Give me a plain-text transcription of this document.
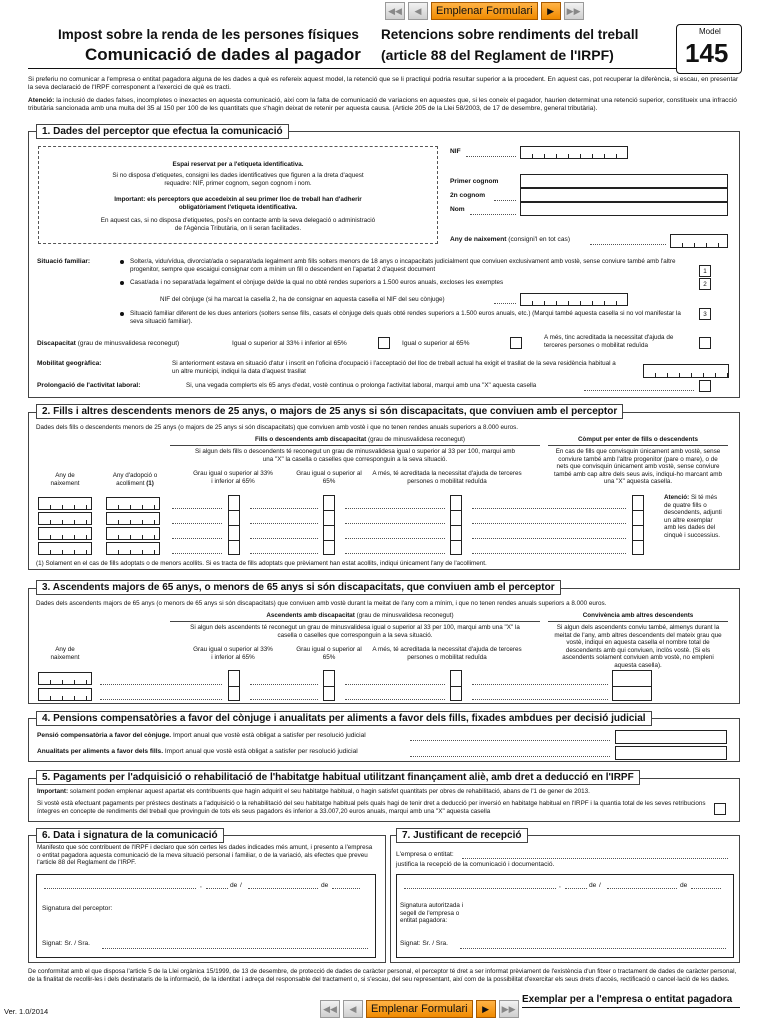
◀◀	◀	Emplenar Formulari	▶	▶▶
Impost sobre la renda de les persones físiques
Comunicació de dades al pagador
Retencions sobre rendiments del treball
(article 88 del Reglament de l'IRPF)
Model
145
Si preferiu no comunicar a l'empresa o entitat pagadora alguna de les dades a què es refereix aquest model, la retenció que se li practiqui podria resultar superior a la procedent. En aquest cas, pot recuperar la diferència, si escau, en presentar la seva declaració de l'IRPF corresponent a l'exercici de què es tracti.
Atenció: la inclusió de dades falses, incompletes o inexactes en aquesta comunicació, així com la falta de comunicació de variacions en aquestes que, si les coneix el pagador, haurien determinat una retenció superior, constitueix una infracció tributària sancionada amb una multa del 35 al 150 per 100 de les quantitats que s'hagin deixat de retenir per aquesta causa. (Article 205 de la Llei 58/2003, de 17 de desembre, general tributària).
1. Dades del perceptor que efectua la comunicació
Espai reservat per a l'etiqueta identificativa.
Si no disposa d'etiquetes, consigni les dades identificatives que figuren a la dreta d'aquest requadre: NIF, primer cognom, segon cognom i nom.
Important: els perceptors que accedeixin al seu primer lloc de treball han d'adherir obligatòriament l'etiqueta identificativa.
En aquest cas, si no disposa d'etiquetes, posi's en contacte amb la seva delegació o administració de l'Agència Tributària, on li seran facilitades.
NIF
Primer cognom
2n cognom
Nom
Any de naixement (consigni'l en tot cas)
Situació familiar:	Solter/a, vidu/vídua, divorciat/ada o separat/ada legalment amb fills solters menors de 18 anys o incapacitats judicialment que conviuen exclusivament amb vostè, sense conviure també amb l'altre progenitor, sempre que escaigui consignar com a mínim un fill o descendent en l'apartat 2 d'aquest document	1
Casat/ada i no separat/ada legalment el cònjuge del/de la qual no obté rendes superiors a 1.500 euros anuals, excloses les exemptes	2
NIF del cònjuge (si ha marcat la casella 2, ha de consignar en aquesta casella el NIF del seu cònjuge)
Situació familiar diferent de les dues anteriors (solters sense fills, casats el cònjuge dels quals obté rendes superiors a 1.500 euros anuals, etc.) (Marqui també aquesta casella si no vol manifestar la seva situació familiar).
3
Discapacitat (grau de minusvalidesa reconegut)	Igual o superior al 33% i inferior al 65%	Igual o superior al 65%
A més, tinc acreditada la necessitat d'ajuda de terceres persones o mobilitat reduïda
Mobilitat geogràfica:	Si anteriorment estava en situació d'atur i inscrit en l'oficina d'ocupació i l'acceptació del lloc de treball actual ha exigit el trasllat de la seva residència habitual a un altre municipi, indiqui la data d'aquest trasllat
Prolongació de l'activitat laboral:	Si, una vegada complerts els 65 anys d'edat, vostè continua o prolonga l'activitat laboral, marqui amb una "X" aquesta casella
2. Fills i altres descendents menors de 25 anys, o majors de 25 anys si són discapacitats, que conviuen amb el perceptor
Dades dels fills o descendents menors de 25 anys (o majors de 25 anys si són discapacitats) que conviuen amb vostè i que no tenen rendes anuals superiors a 8.000 euros.
Fills o descendents amb discapacitat (grau de minusvalidesa reconegut)	Còmput per enter de fills o descendents
Si algun dels fills o descendents té reconegut un grau de minusvalidesa igual o superior al 33 per 100, marqui amb una "X" la casella o caselles que corresponguin a la seva situació.
En cas de fills que convisquin únicament amb vostè, sense conviure també amb l'altre progenitor (pare o mare), o de nets que convisquin únicament amb vostè, sense conviure també amb cap altre dels seus avis, indiqui-ho marcant amb una "X" aquesta casella.
Any de naixement
Any d'adopció o acolliment (1)
Grau igual o superior al 33% i inferior al 65%
Grau igual o superior al 65%
A més, té acreditada la necessitat d'ajuda de terceres persones o mobilitat reduïda
Atenció: Si té més de quatre fills o descendents, adjunti un altre exemplar amb les dades del cinquè i successius.
(1) Solament en el cas de fills adoptats o de menors acollits. Si es tracta de fills adoptats que prèviament han estat acollits, indiqui únicament l'any de l'acolliment.
3. Ascendents majors de 65 anys, o menors de 65 anys si són discapacitats, que conviuen amb el perceptor
Dades dels ascendents majors de 65 anys (o menors de 65 anys si són discapacitats) que conviuen amb vostè durant la meitat de l'any com a mínim, i que no tenen rendes anuals superiors a 8.000 euros.
Ascendents amb discapacitat (grau de minusvalidesa reconegut)	Convivència amb altres descendents
Si algun dels ascendents té reconegut un grau de minusvalidesa igual o superior al 33 per 100, marqui amb una "X" la casella o caselles que corresponguin a la seva situació.
Si algun dels ascendents conviu també, almenys durant la meitat de l'any, amb altres descendents del mateix grau que vostè, indiqui en aquesta casella el nombre total de descendents amb qui conviuen, inclòs vostè. (Si els ascendents solament conviuen amb vostè, no empleni aquesta casella).
Any de naixement
Grau igual o superior al 33% i inferior al 65%
Grau igual o superior al 65%
A més, té acreditada la necessitat d'ajuda de terceres persones o mobilitat reduïda
4. Pensions compensatòries a favor del cònjuge i anualitats per aliments a favor dels fills, fixades ambdues per decisió judicial
Pensió compensatòria a favor del cònjuge. Import anual que vostè està obligat a satisfer per resolució judicial
Anualitats per aliments a favor dels fills. Import anual que vostè està obligat a satisfer per resolució judicial
5. Pagaments per l'adquisició o rehabilitació de l'habitatge habitual utilitzant finançament aliè, amb dret a deducció en l'IRPF
Important: solament poden emplenar aquest apartat els contribuents que hagin adquirit el seu habitatge habitual, o hagin satisfet quantitats per obres de rehabilitació, abans de l'1 de gener de 2013.
Si vostè està efectuant pagaments per préstecs destinats a l'adquisició o la rehabilitació del seu habitatge habitual pels quals hagi de tenir dret a deducció per inversió en habitatge habitual en l'IRPF i la quantia total de les seves retribucions íntegres en concepte de rendiments del treball que provinguin de tots els seus pagadors és inferior a 33.007,20 euros anuals, marqui amb una "X" aquesta casella
6. Data i signatura de la comunicació
Manifesto que sóc contribuent de l'IRPF i declaro que són certes les dades indicades més amunt, i presento a l'empresa o entitat pagadora aquesta comunicació de la meva situació personal i familiar, o de la variació, als efectes que preveu l'article 88 del Reglament de l'IRPF.
,	de /	de
Signatura del perceptor:
Signat: Sr. / Sra.
7. Justificant de recepció
L'empresa o entitat:
justifica la recepció de la comunicació i documentació.
,	de /	de
Signatura autoritzada i segell de l'empresa o entitat pagadora:
Signat: Sr. / Sra.
De conformitat amb el que disposa l'article 5 de la Llei orgànica 15/1999, de 13 de desembre, de protecció de dades de caràcter personal, el perceptor té dret a ser informat prèviament de l'existència d'un fitxer o tractament de dades de caràcter personal, de la finalitat de recollir-les i dels destinataris de la informació, de la identitat i adreça del responsable del tractament o, si s'escau, del seu representant, així com de la possibilitat d'exercitar els seus drets d'accés, rectificació o cancel·lació de les dades.
Ver. 1.0/2014	◀◀	◀	Emplenar Formulari	▶	▶▶
Exemplar per a l'empresa o entitat pagadora
